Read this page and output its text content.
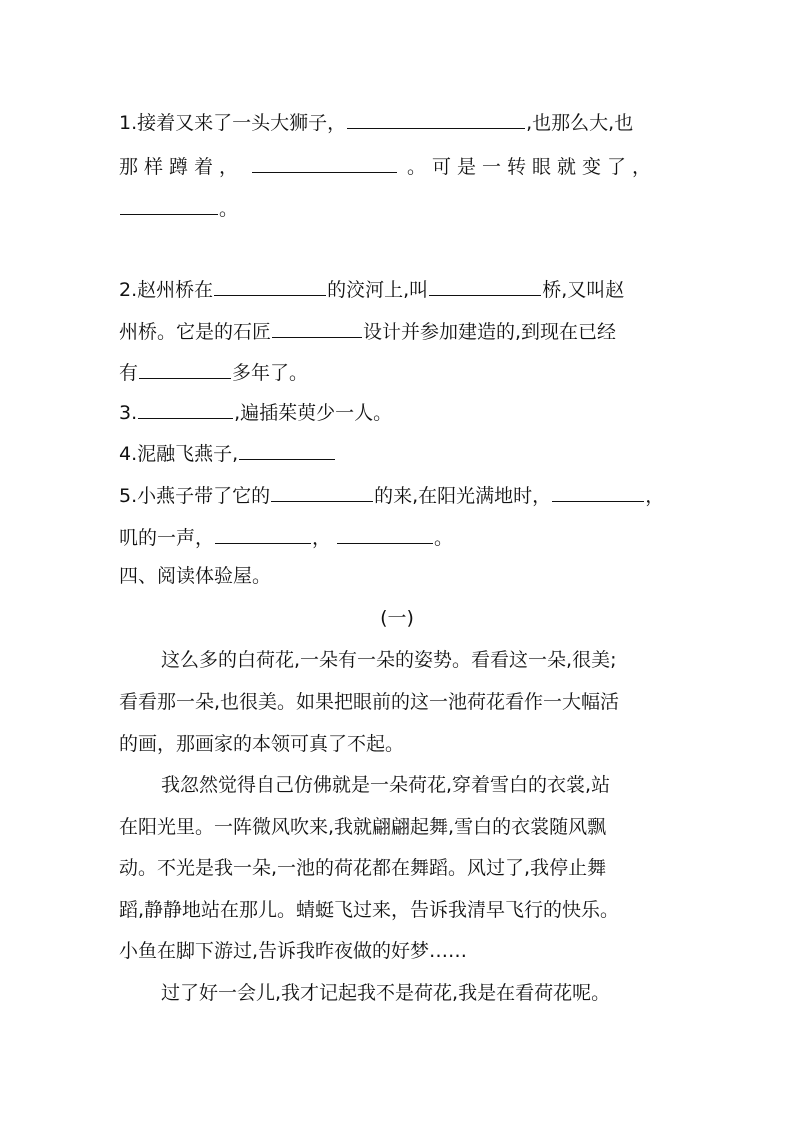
1.接着又来了一头大狮子，	,也那么大,也
那样蹲着，	。可是一转眼就变了，
。
2.赵州桥在	的洨河上,叫	桥,又叫赵
州桥。它是的石匠	设计并参加建造的,到现在已经
有	多年了。
3.	,遍插茱萸少一人。
4.泥融飞燕子,
5.小燕子带了它的	的来,在阳光满地时，	，
叽的一声，	，	。
四、阅读体验屋。
(一)
这么多的白荷花,一朵有一朵的姿势。看看这一朵,很美;
看看那一朵,也很美。如果把眼前的这一池荷花看作一大幅活
的画，那画家的本领可真了不起。
我忽然觉得自己仿佛就是一朵荷花,穿着雪白的衣裳,站
在阳光里。一阵微风吹来,我就翩翩起舞,雪白的衣裳随风飘
动。不光是我一朵,一池的荷花都在舞蹈。风过了,我停止舞
蹈,静静地站在那儿。蜻蜓飞过来，告诉我清早飞行的快乐。
小鱼在脚下游过,告诉我昨夜做的好梦……
过了好一会儿,我才记起我不是荷花,我是在看荷花呢。
